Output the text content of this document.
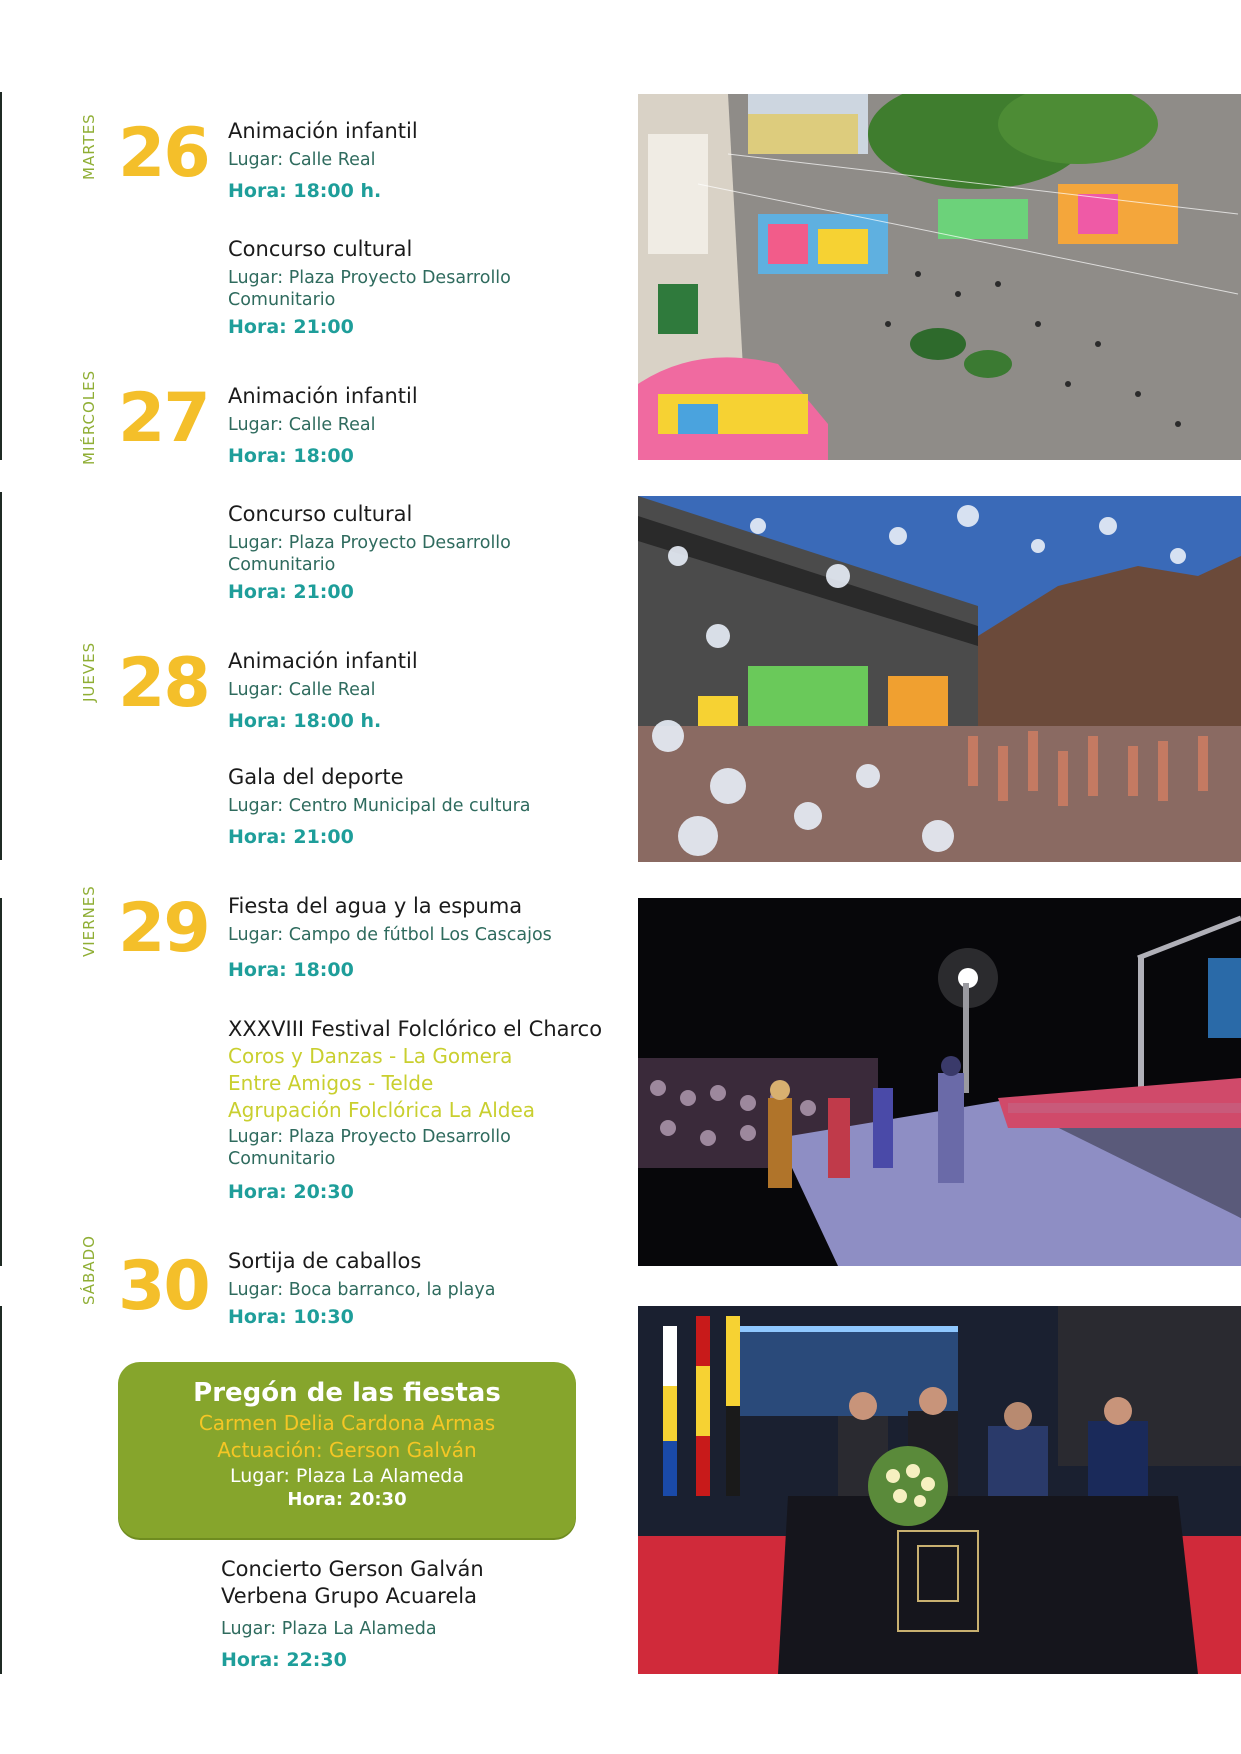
MARTES 26 Animación infantil
Lugar: Calle Real
Hora: 18:00 h.
Concurso cultural
Lugar: Plaza Proyecto Desarrollo Comunitario
Hora: 21:00
MIÉRCOLES 27 Animación infantil
Lugar: Calle Real
Hora: 18:00
Concurso cultural
Lugar: Plaza Proyecto Desarrollo Comunitario
Hora: 21:00
JUEVES 28 Animación infantil
Lugar: Calle Real
Hora: 18:00 h.
Gala del deporte
Lugar: Centro Municipal de cultura
Hora: 21:00
VIERNES 29 Fiesta del agua y la espuma
Lugar: Campo de fútbol Los Cascajos
Hora: 18:00
XXXVIII Festival Folclórico el Charco
Coros y Danzas - La Gomera
Entre Amigos - Telde
Agrupación Folclórica La Aldea
Lugar: Plaza Proyecto Desarrollo Comunitario
Hora: 20:30
SÁBADO 30 Sortija de caballos
Lugar: Boca barranco, la playa
Hora: 10:30
Pregón de las fiestas
Carmen Delia Cardona Armas
Actuación: Gerson Galván
Lugar: Plaza La Alameda
Hora: 20:30
Concierto Gerson Galván
Verbena Grupo Acuarela
Lugar: Plaza La Alameda
Hora: 22:30
